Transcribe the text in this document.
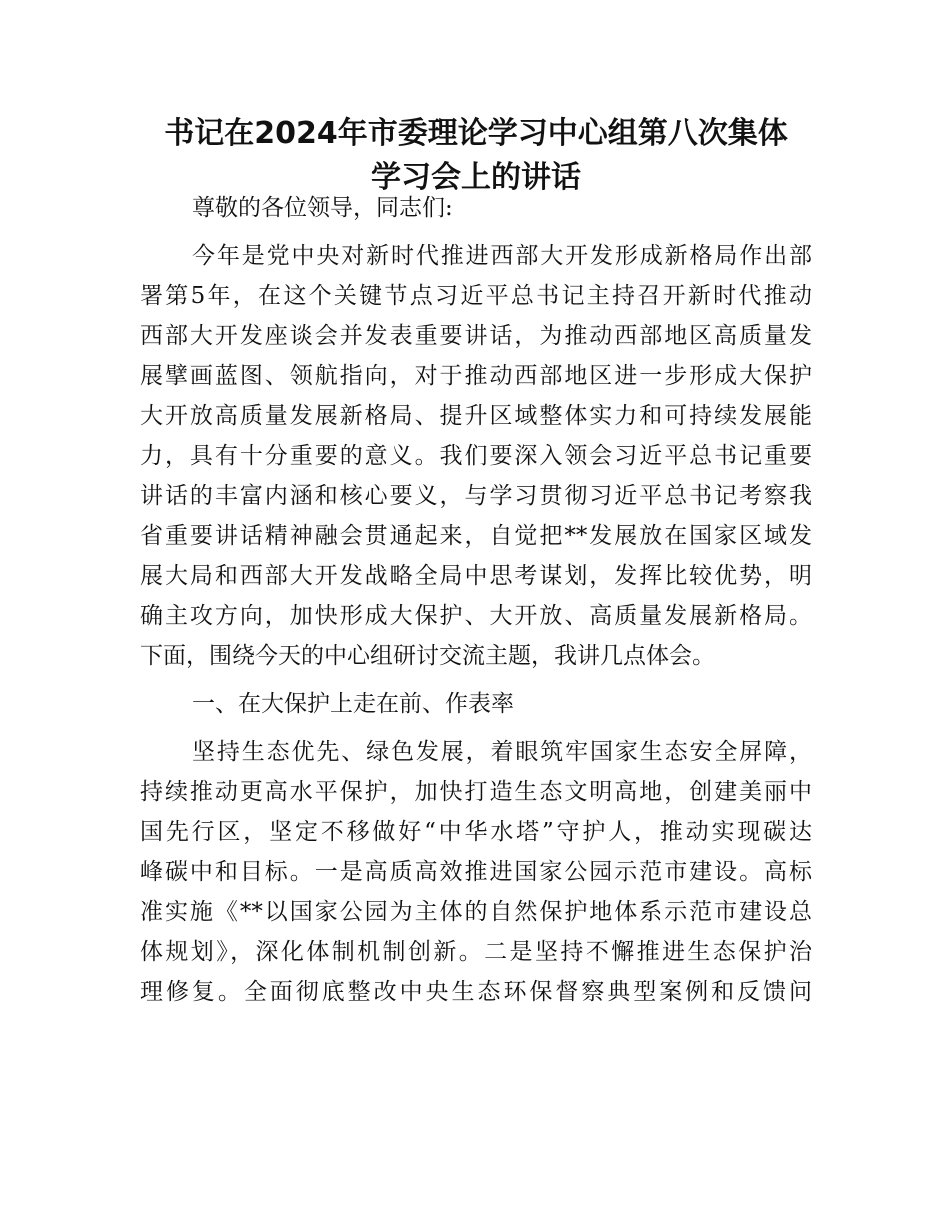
书记在2024年市委理论学习中心组第八次集体
学习会上的讲话

尊敬的各位领导，同志们:

今年是党中央对新时代推进西部大开发形成新格局作出部
署第5年，在这个关键节点习近平总书记主持召开新时代推动
西部大开发座谈会并发表重要讲话，为推动西部地区高质量发
展擘画蓝图、领航指向，对于推动西部地区进一步形成大保护
大开放高质量发展新格局、提升区域整体实力和可持续发展能
力，具有十分重要的意义。我们要深入领会习近平总书记重要
讲话的丰富内涵和核心要义，与学习贯彻习近平总书记考察我
省重要讲话精神融会贯通起来，自觉把**发展放在国家区域发
展大局和西部大开发战略全局中思考谋划，发挥比较优势，明
确主攻方向，加快形成大保护、大开放、高质量发展新格局。
下面，围绕今天的中心组研讨交流主题，我讲几点体会。

一、在大保护上走在前、作表率

坚持生态优先、绿色发展，着眼筑牢国家生态安全屏障，
持续推动更高水平保护，加快打造生态文明高地，创建美丽中
国先行区，坚定不移做好“中华水塔”守护人，推动实现碳达
峰碳中和目标。一是高质高效推进国家公园示范市建设。高标
准实施《**以国家公园为主体的自然保护地体系示范市建设总
体规划》，深化体制机制创新。二是坚持不懈推进生态保护治
理修复。全面彻底整改中央生态环保督察典型案例和反馈问
